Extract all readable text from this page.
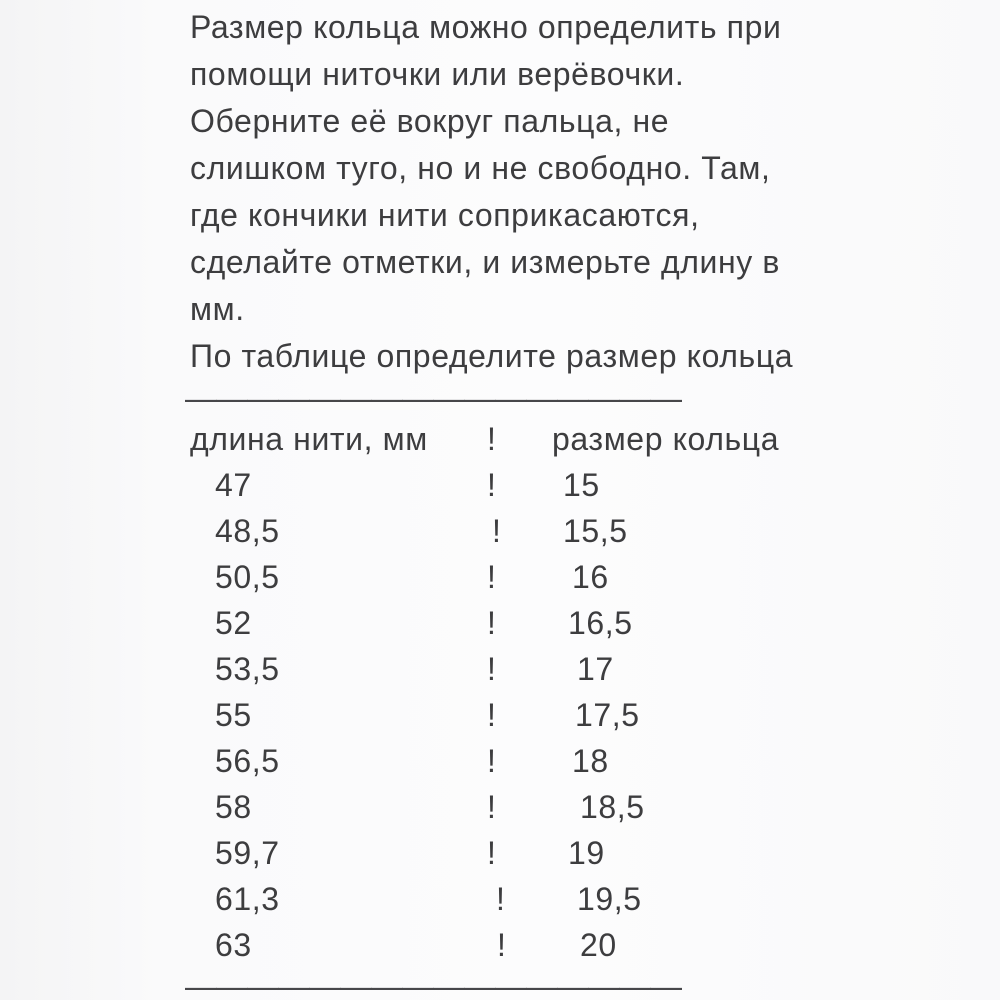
Размер кольца можно определить при
помощи ниточки или верёвочки.
Оберните её вокруг пальца, не
слишком туго, но и не свободно. Там,
где кончики нити соприкасаются,
сделайте отметки, и измерьте длину в
мм.
По таблице определите размер кольца
————————————————
длина нити, мм	!	размер кольца
47	!	15
48,5	!	15,5
50,5	!	16
52	!	16,5
53,5	!	17
55	!	17,5
56,5	!	18
58	!	18,5
59,7	!	19
61,3	!	19,5
63	!	20
————————————————
